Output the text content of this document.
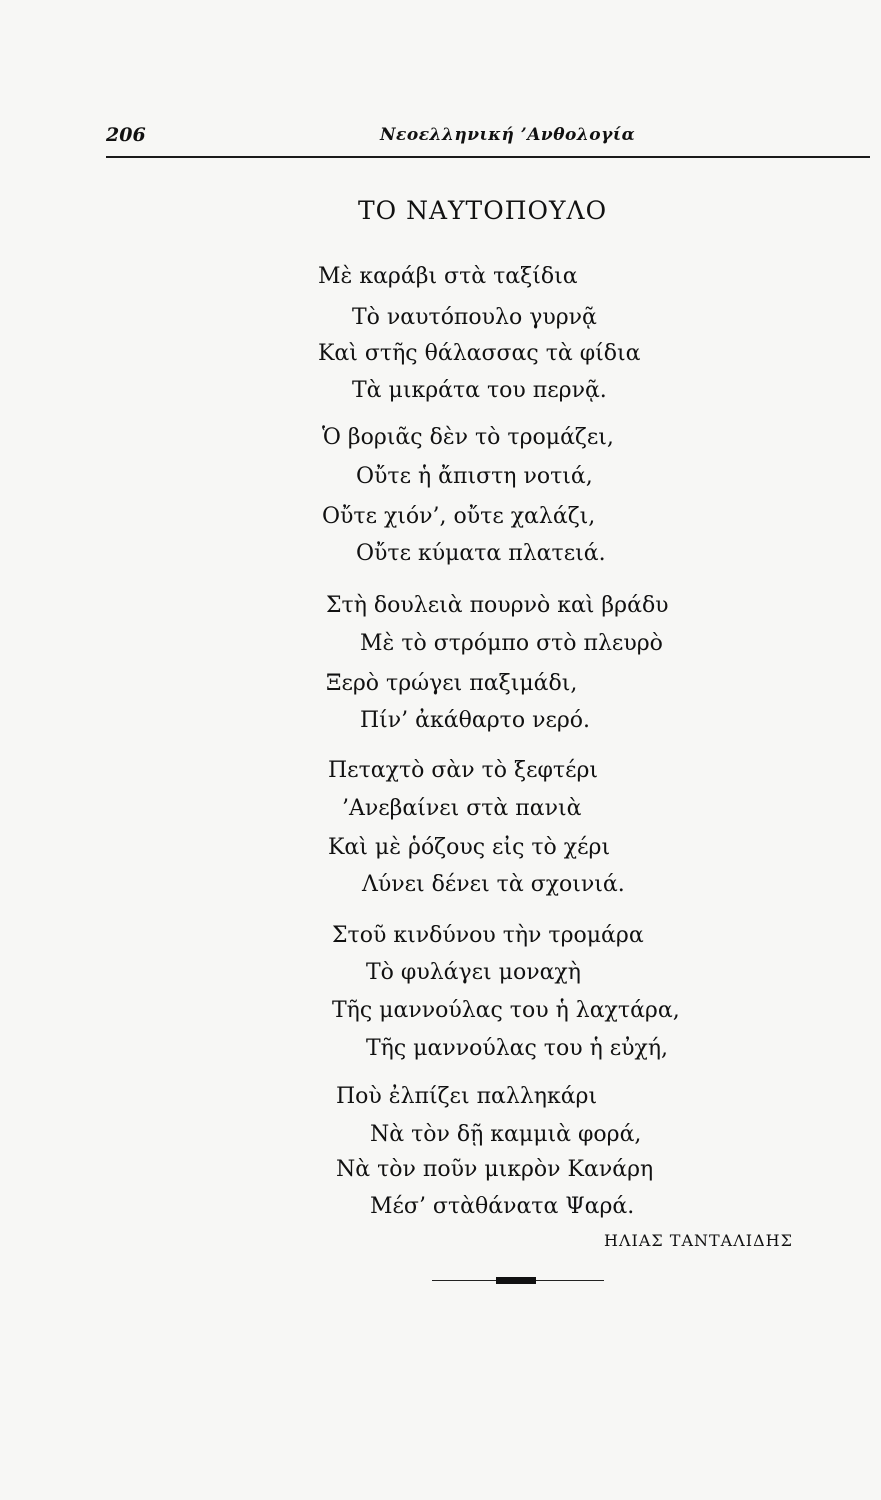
206	Νεοελληνική ’Ανθολογία
ΤΟ ΝΑΥΤΟΠΟΥΛΟ
Μὲ καράβι στὰ ταξίδια
Τὸ ναυτόπουλο γυρνᾷ
Καὶ στῆς θάλασσας τὰ φίδια
Τὰ μικράτα του περνᾷ.
Ὁ βοριᾶς δὲν τὸ τρομάζει,
Οὔτε ἡ ἄπιστη νοτιά,
Οὔτε χιόν’, οὔτε χαλάζι,
Οὔτε κύματα πλατειά.
Στὴ δουλειὰ πουρνὸ καὶ βράδυ
Μὲ τὸ στρόμπο στὸ πλευρὸ
Ξερὸ τρώγει παξιμάδι,
Πίν’ ἀκάθαρτο νερό.
Πεταχτὸ σὰν τὸ ξεφτέρι
’Ανεβαίνει στὰ πανιὰ
Καὶ μὲ ῥόζους εἰς τὸ χέρι
Λύνει δένει τὰ σχοινιά.
Στοῦ κινδύνου τὴν τρομάρα
Τὸ φυλάγει μοναχὴ
Τῆς μαννούλας του ἡ λαχτάρα,
Τῆς μαννούλας του ἡ εὐχή,
Ποὺ ἐλπίζει παλληκάρι
Νὰ τὸν δῇ καμμιὰ φορά,
Νὰ τὸν ποῦν μικρὸν Κανάρη
Μέσ’ στὰθάνατα Ψαρά.
ΗΛΙΑΣ ΤΑΝΤΑΛΙΔΗΣ
